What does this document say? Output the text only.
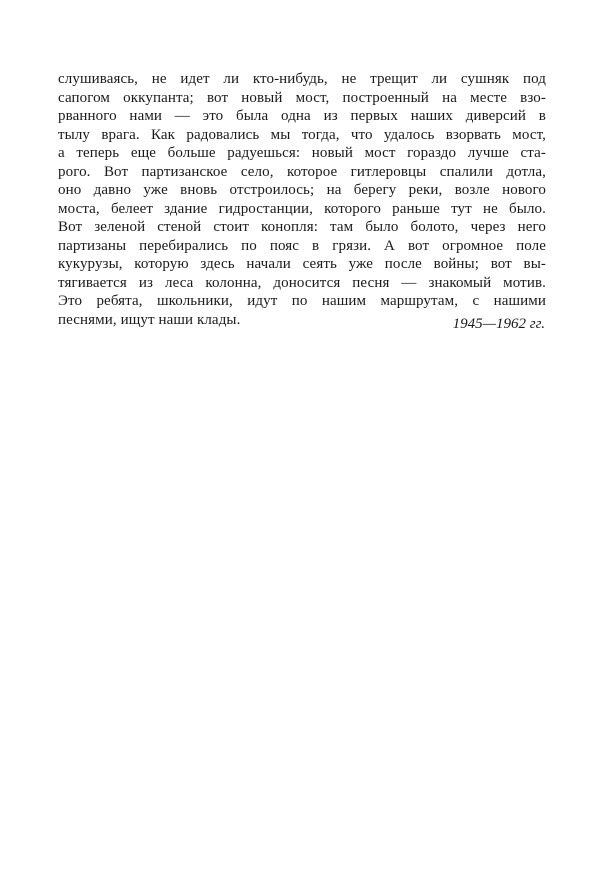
слушиваясь, не идет ли кто-нибудь, не трещит ли сушняк под
сапогом оккупанта; вот новый мост, построенный на месте взо-
рванного нами — это была одна из первых наших диверсий в
тылу врага. Как радовались мы тогда, что удалось взорвать мост,
а теперь еще больше радуешься: новый мост гораздо лучше ста-
рого. Вот партизанское село, которое гитлеровцы спалили дотла,
оно давно уже вновь отстроилось; на берегу реки, возле нового
моста, белеет здание гидростанции, которого раньше тут не было.
Вот зеленой стеной стоит конопля: там было болото, через него
партизаны перебирались по пояс в грязи. А вот огромное поле
кукурузы, которую здесь начали сеять уже после войны; вот вы-
тягивается из леса колонна, доносится песня — знакомый мотив.
Это ребята, школьники, идут по нашим маршрутам, с нашими
песнями, ищут наши клады.	1945—1962 гг.
